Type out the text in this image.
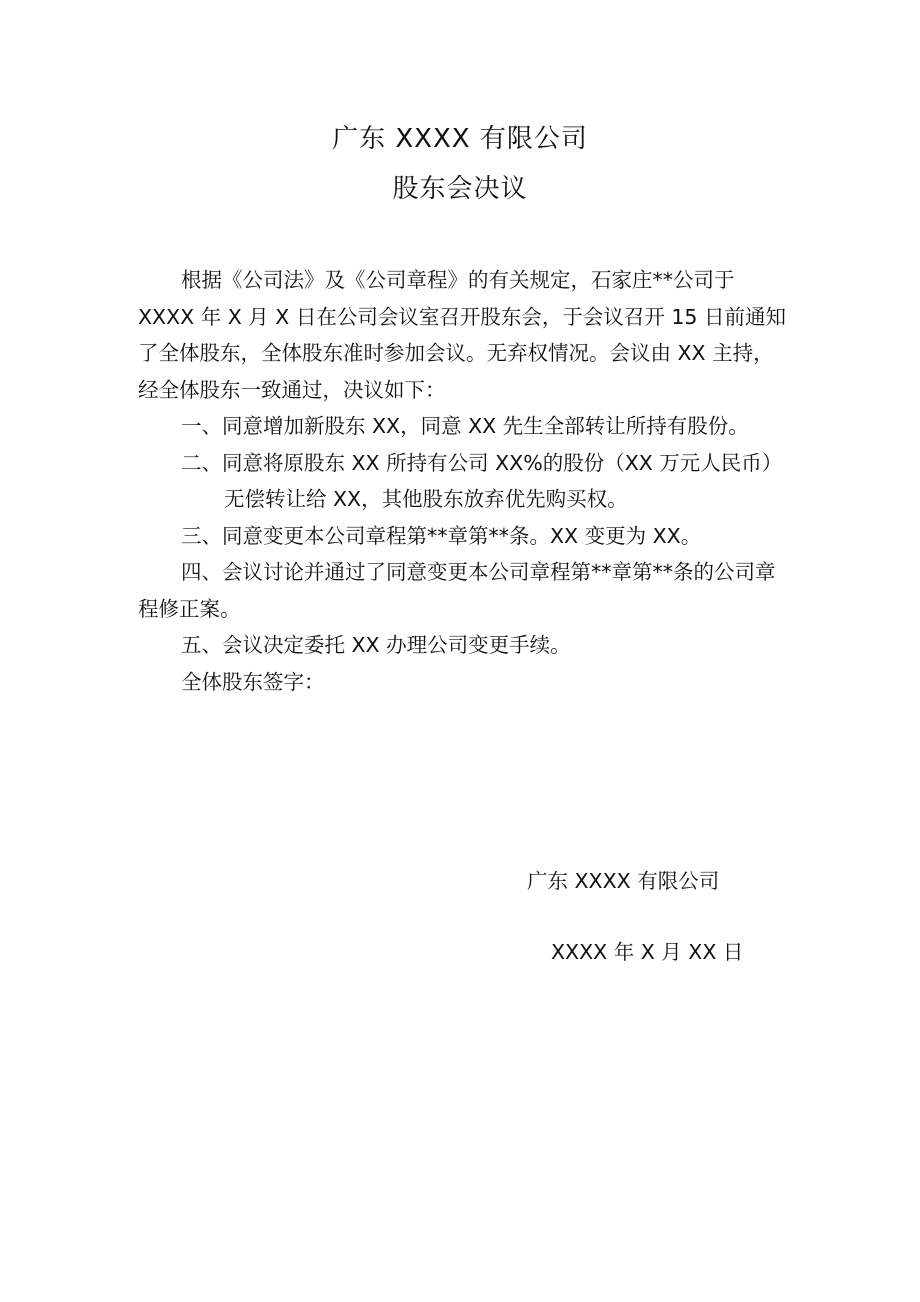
广东 XXXX 有限公司
股东会决议

根据《公司法》及《公司章程》的有关规定，石家庄**公司于 XXXX 年 X 月 X 日在公司会议室召开股东会，于会议召开 15 日前通知了全体股东，全体股东准时参加会议。无弃权情况。会议由 XX 主持，经全体股东一致通过，决议如下：

一、同意增加新股东 XX，同意 XX 先生全部转让所持有股份。

二、同意将原股东 XX 所持有公司 XX%的股份（XX 万元人民币）无偿转让给 XX，其他股东放弃优先购买权。

三、同意变更本公司章程第**章第**条。XX 变更为 XX。

四、会议讨论并通过了同意变更本公司章程第**章第**条的公司章程修正案。

五、会议决定委托 XX 办理公司变更手续。

全体股东签字：

广东 XXXX 有限公司
XXXX 年 X 月 XX 日
